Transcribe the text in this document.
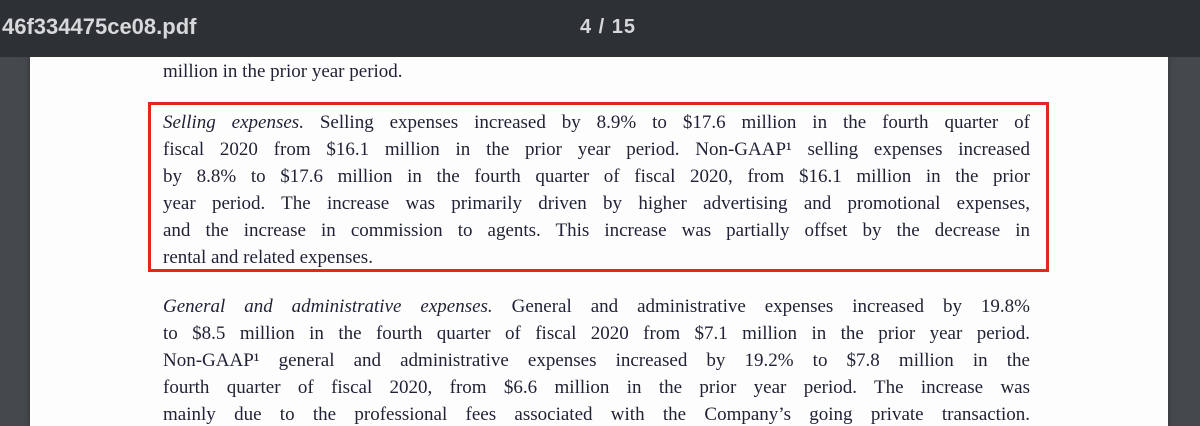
46f334475ce08.pdf	4 / 15
million in the prior year period.
Selling expenses. Selling expenses increased by 8.9% to $17.6 million in the fourth quarter of
fiscal 2020 from $16.1 million in the prior year period. Non-GAAP¹ selling expenses increased
by 8.8% to $17.6 million in the fourth quarter of fiscal 2020, from $16.1 million in the prior
year period. The increase was primarily driven by higher advertising and promotional expenses,
and the increase in commission to agents. This increase was partially offset by the decrease in
rental and related expenses.
General and administrative expenses. General and administrative expenses increased by 19.8%
to $8.5 million in the fourth quarter of fiscal 2020 from $7.1 million in the prior year period.
Non-GAAP¹ general and administrative expenses increased by 19.2% to $7.8 million in the
fourth quarter of fiscal 2020, from $6.6 million in the prior year period. The increase was
mainly due to the professional fees associated with the Company’s going private transaction.
